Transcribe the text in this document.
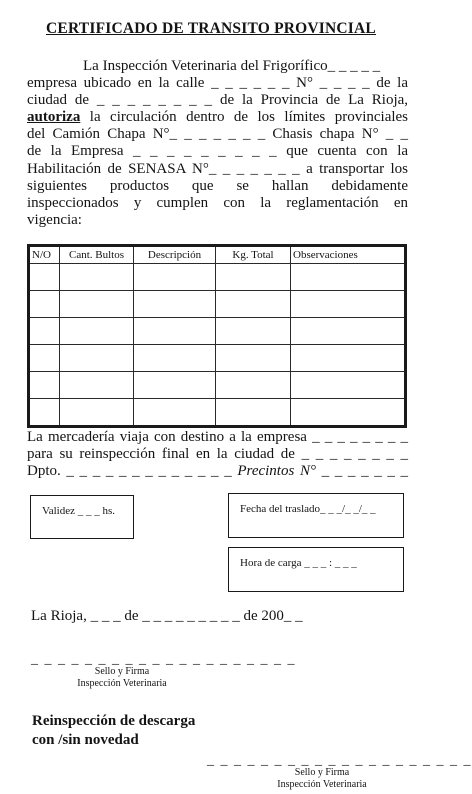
CERTIFICADO DE TRANSITO PROVINCIAL
La Inspección Veterinaria del Frigorífico_ _ _ _ _
empresa ubicado en la calle _ _ _ _ _ _ N° _ _ _ _ de la
ciudad de _ _ _ _ _ _ _ _ de la Provincia de La Rioja,
autoriza la circulación dentro de los límites provinciales
del Camión Chapa N°_ _ _ _ _ _ _ Chasis chapa N° _ _
de la Empresa _ _ _ _ _ _ _ _ _ que cuenta con la
Habilitación de SENASA N°_ _ _ _ _ _ _ a transportar los
siguientes productos que se hallan debidamente
inspeccionados y cumplen con la reglamentación en
vigencia:
N/O	Cant. Bultos	Descripción	Kg. Total	Observaciones

La mercadería viaja con destino a la empresa _ _ _ _ _ _ _ _
para su reinspección final en la ciudad de _ _ _ _ _ _ _ _
Dpto. _ _ _ _ _ _ _ _ _ _ _ _ _ Precintos N° _ _ _ _ _ _ _
Validez _ _ _ hs.	Fecha del traslado_ _ _/_ _/_ _
Hora de carga _ _ _ : _ _ _
La Rioja, _ _ _ de _ _ _ _ _ _ _ _ _ de 200_ _
_ _ _ _ _ _ _ _ _ _ _ _ _ _ _ _ _ _ _ _
Sello y Firma
Inspección Veterinaria
Reinspección de descarga
con /sin novedad
_ _ _ _ _ _ _ _ _ _ _ _ _ _ _ _ _ _ _ _
Sello y Firma
Inspección Veterinaria
